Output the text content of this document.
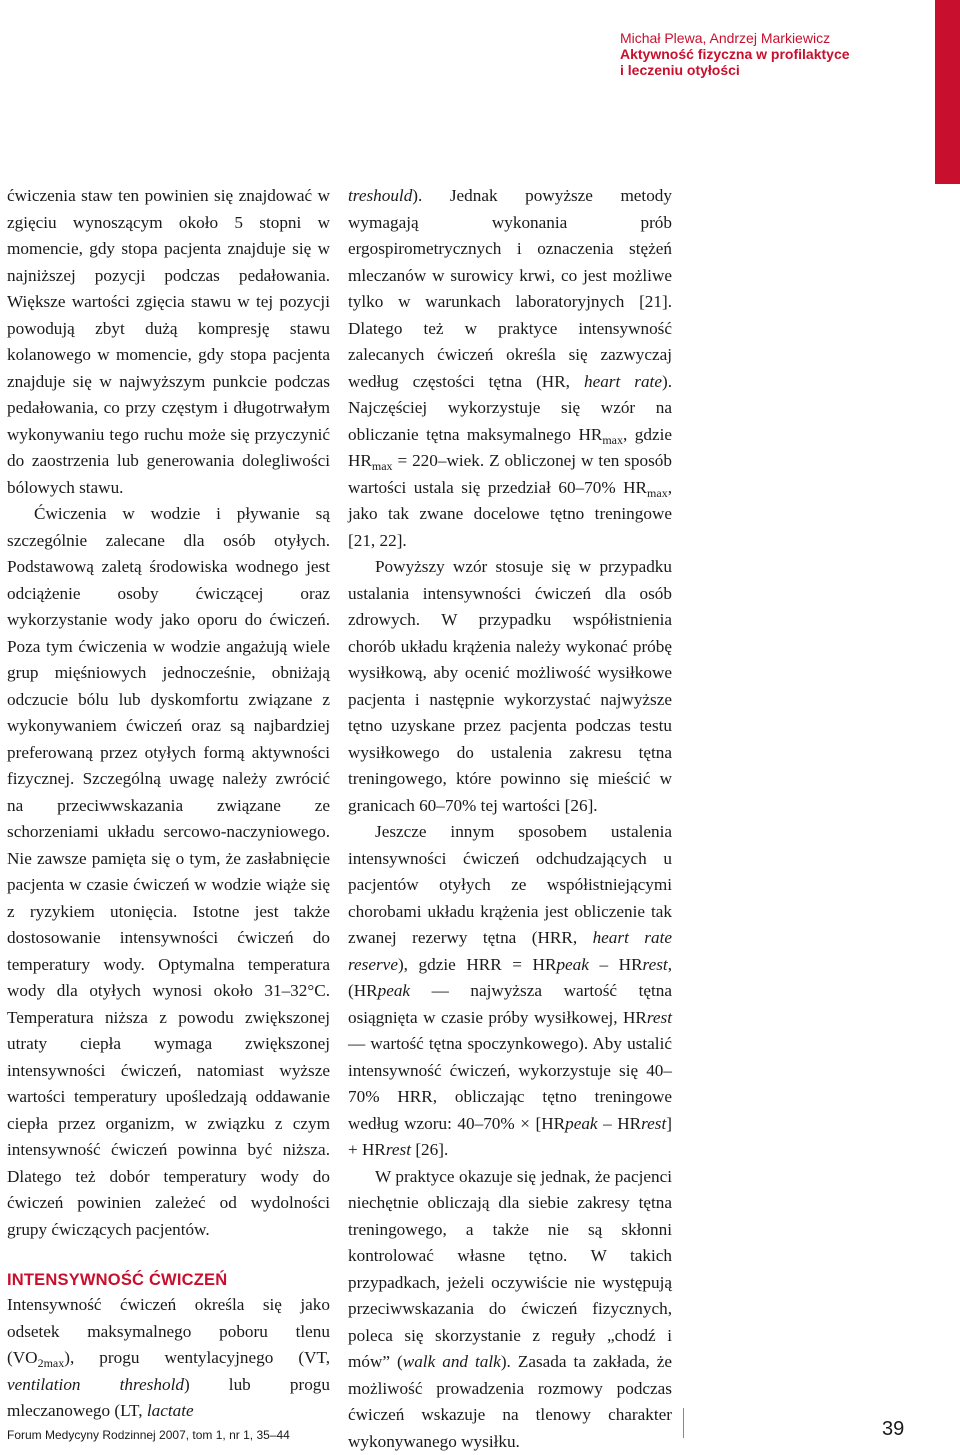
Michał Plewa, Andrzej Markiewicz
Aktywność fizyczna w profilaktyce
i leczeniu otyłości

ćwiczenia staw ten powinien się znajdować w zgięciu wynoszącym około 5 stopni w momencie, gdy stopa pacjenta znajduje się w najniższej pozycji podczas pedałowania. Większe wartości zgięcia stawu w tej pozycji powodują zbyt dużą kompresję stawu kolanowego w momencie, gdy stopa pacjenta znajduje się w najwyższym punkcie podczas pedałowania, co przy częstym i długotrwałym wykonywaniu tego ruchu może się przyczynić do zaostrzenia lub generowania dolegliwości bólowych stawu.

Ćwiczenia w wodzie i pływanie są szczególnie zalecane dla osób otyłych. Podstawową zaletą środowiska wodnego jest odciążenie osoby ćwiczącej oraz wykorzystanie wody jako oporu do ćwiczeń. Poza tym ćwiczenia w wodzie angażują wiele grup mięśniowych jednocześnie, obniżają odczucie bólu lub dyskomfortu związane z wykonywaniem ćwiczeń oraz są najbardziej preferowaną przez otyłych formą aktywności fizycznej. Szczególną uwagę należy zwrócić na przeciwwskazania związane ze schorzeniami układu sercowo-naczyniowego. Nie zawsze pamięta się o tym, że zasłabnięcie pacjenta w czasie ćwiczeń w wodzie wiąże się z ryzykiem utonięcia. Istotne jest także dostosowanie intensywności ćwiczeń do temperatury wody. Optymalna temperatura wody dla otyłych wynosi około 31–32°C. Temperatura niższa z powodu zwiększonej utraty ciepła wymaga zwiększonej intensywności ćwiczeń, natomiast wyższe wartości temperatury upośledzają oddawanie ciepła przez organizm, w związku z czym intensywność ćwiczeń powinna być niższa. Dlatego też dobór temperatury wody do ćwiczeń powinien zależeć od wydolności grupy ćwiczących pacjentów.

INTENSYWNOŚĆ ĆWICZEŃ

Intensywność ćwiczeń określa się jako odsetek maksymalnego poboru tlenu $(VO_{2max})$, progu wentylacyjnego (VT, ventilation threshold) lub progu mleczanowego (LT, lactate

treshould). Jednak powyższe metody wymagają wykonania prób ergospirometrycznych i oznaczenia stężeń mleczanów w surowicy krwi, co jest możliwe tylko w warunkach laboratoryjnych [21]. Dlatego też w praktyce intensywność zalecanych ćwiczeń określa się zazwyczaj według częstości tętna (HR, heart rate). Najczęściej wykorzystuje się wzór na obliczanie tętna maksymalnego $HR_{max}$, gdzie $HR_{max}$ = 220–wiek. Z obliczonej w ten sposób wartości ustala się przedział 60–70% $HR_{max}$, jako tak zwane docelowe tętno treningowe [21, 22].

Powyższy wzór stosuje się w przypadku ustalania intensywności ćwiczeń dla osób zdrowych. W przypadku współistnienia chorób układu krążenia należy wykonać próbę wysiłkową, aby ocenić możliwość wysiłkowe pacjenta i następnie wykorzystać najwyższe tętno uzyskane przez pacjenta podczas testu wysiłkowego do ustalenia zakresu tętna treningowego, które powinno się mieścić w granicach 60–70% tej wartości [26].

Jeszcze innym sposobem ustalenia intensywności ćwiczeń odchudzających u pacjentów otyłych ze współistniejącymi chorobami układu krążenia jest obliczenie tak zwanej rezerwy tętna (HRR, heart rate reserve), gdzie HRR = HRpeak – HRrest, (HRpeak — najwyższa wartość tętna osiągnięta w czasie próby wysiłkowej, HRrest — wartość tętna spoczynkowego). Aby ustalić intensywność ćwiczeń, wykorzystuje się 40–70% HRR, obliczając tętno treningowe według wzoru: 40–70% × [HRpeak – HRrest] + HRrest [26].

W praktyce okazuje się jednak, że pacjenci niechętnie obliczają dla siebie zakresy tętna treningowego, a także nie są skłonni kontrolować własne tętno. W takich przypadkach, jeżeli oczywiście nie występują przeciwwskazania do ćwiczeń fizycznych, poleca się skorzystanie z reguły „chodź i mów” (walk and talk). Zasada ta zakłada, że możliwość prowadzenia rozmowy podczas ćwiczeń wskazuje na tlenowy charakter wykonywanego wysiłku.

Forum Medycyny Rodzinnej 2007, tom 1, nr 1, 35–44	39
